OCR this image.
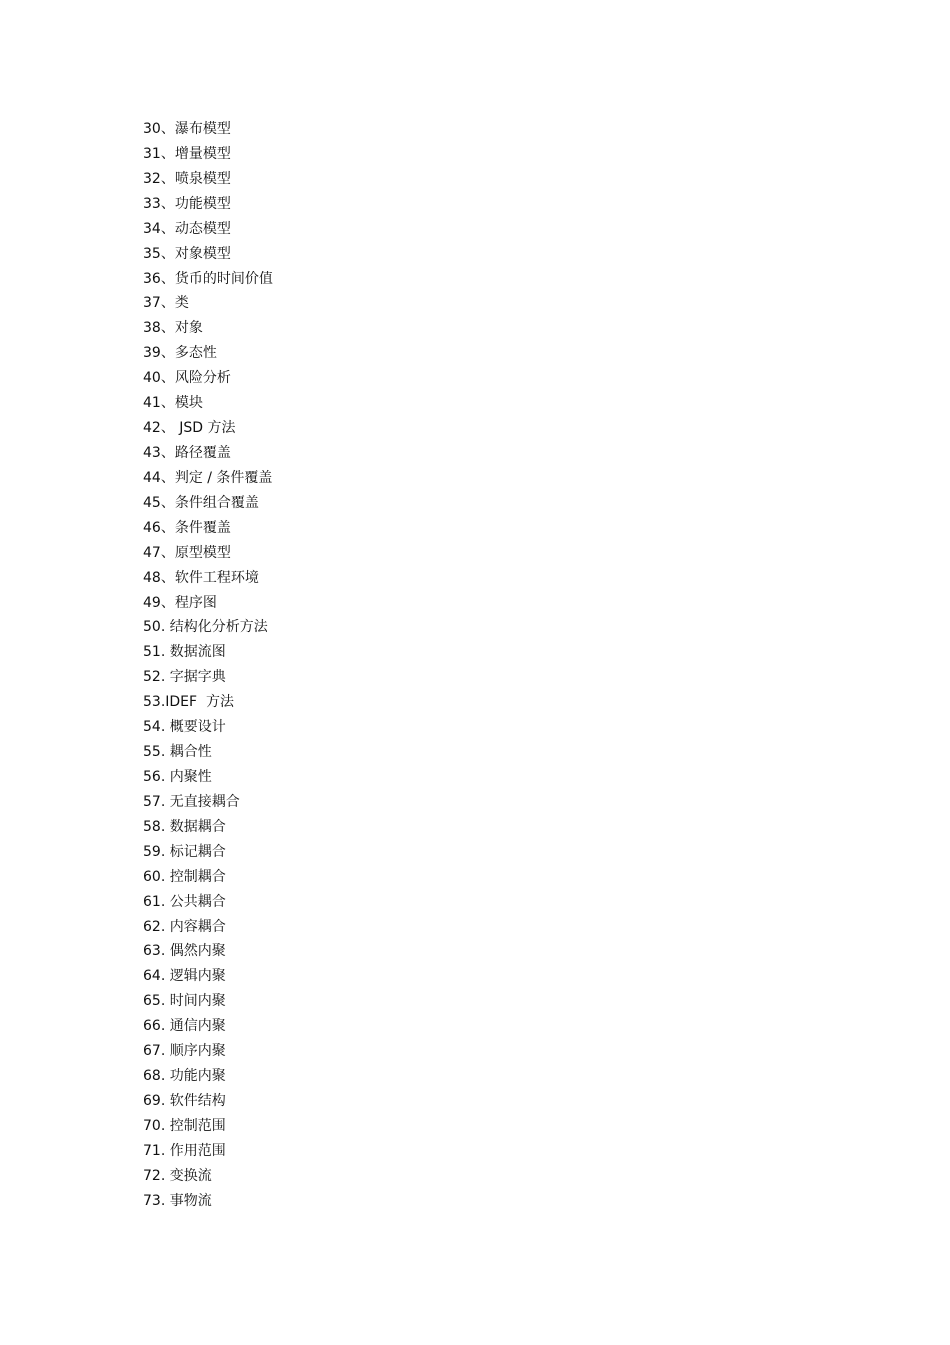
30、瀑布模型
31、增量模型
32、喷泉模型
33、功能模型
34、动态模型
35、对象模型
36、货币的时间价值
37、类
38、对象
39、多态性
40、风险分析
41、模块
42、 JSD 方法
43、路径覆盖
44、判定 / 条件覆盖
45、条件组合覆盖
46、条件覆盖
47、原型模型
48、软件工程环境
49、程序图
50. 结构化分析方法
51. 数据流图
52. 字据字典
53.IDEF  方法
54. 概要设计
55. 耦合性
56. 内聚性
57. 无直接耦合
58. 数据耦合
59. 标记耦合
60. 控制耦合
61. 公共耦合
62. 内容耦合
63. 偶然内聚
64. 逻辑内聚
65. 时间内聚
66. 通信内聚
67. 顺序内聚
68. 功能内聚
69. 软件结构
70. 控制范围
71. 作用范围
72. 变换流
73. 事物流
